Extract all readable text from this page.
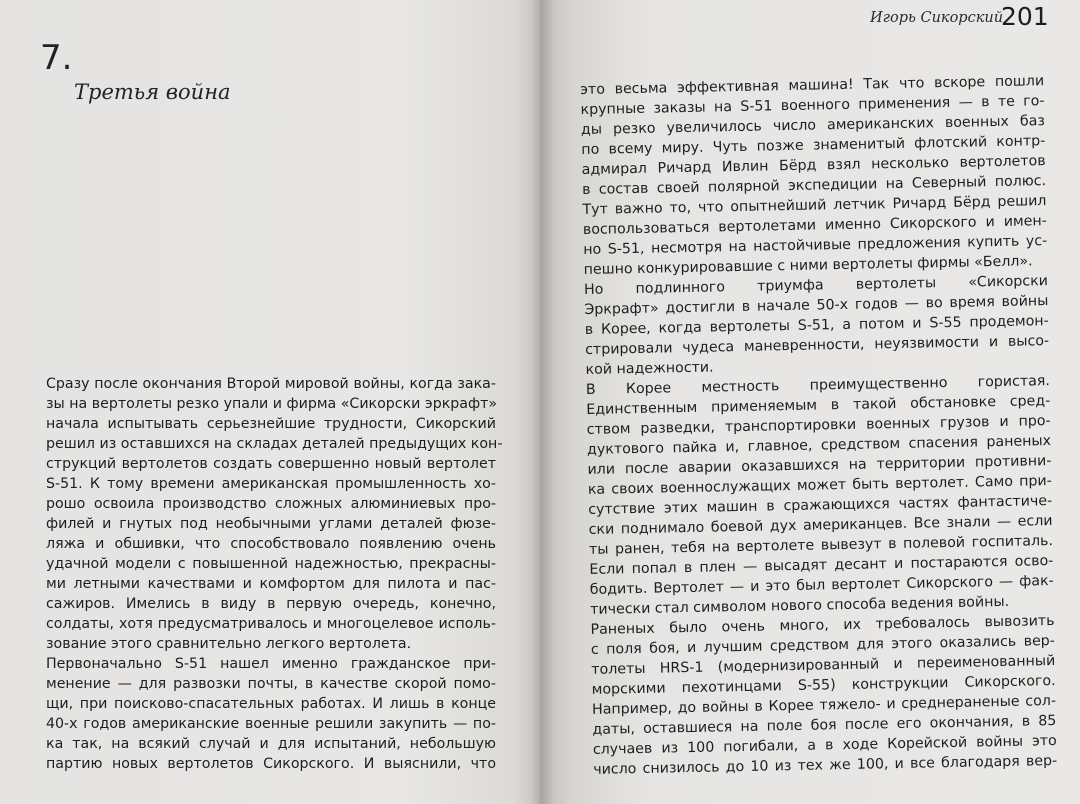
7.
Третья война
Сразу после окончания Второй мировой войны, когда зака-
зы на вертолеты резко упали и фирма «Сикорски эркрафт»
начала испытывать серьезнейшие трудности, Сикорский
решил из оставшихся на складах деталей предыдущих кон-
струкций вертолетов создать совершенно новый вертолет
S-51. К тому времени американская промышленность хо-
рошо освоила производство сложных алюминиевых про-
филей и гнутых под необычными углами деталей фюзе-
ляжа и обшивки, что способствовало появлению очень
удачной модели с повышенной надежностью, прекрасны-
ми летными качествами и комфортом для пилота и пас-
сажиров. Имелись в виду в первую очередь, конечно,
солдаты, хотя предусматривалось и многоцелевое исполь-
зование этого сравнительно легкого вертолета.
Первоначально S-51 нашел именно гражданское при-
менение — для развозки почты, в качестве скорой помо-
щи, при поисково-спасательных работах. И лишь в конце
40-х годов американские военные решили закупить — по-
ка так, на всякий случай и для испытаний, небольшую
партию новых вертолетов Сикорского. И выяснили, что
Игорь Сикорский
201
это весьма эффективная машина! Так что вскоре пошли
крупные заказы на S-51 военного применения — в те го-
ды резко увеличилось число американских военных баз
по всему миру. Чуть позже знаменитый флотский контр-
адмирал Ричард Ивлин Бёрд взял несколько вертолетов
в состав своей полярной экспедиции на Северный полюс.
Тут важно то, что опытнейший летчик Ричард Бёрд решил
воспользоваться вертолетами именно Сикорского и имен-
но S-51, несмотря на настойчивые предложения купить ус-
пешно конкурировавшие с ними вертолеты фирмы «Белл».
Но подлинного триумфа вертолеты «Сикорски
Эркрафт» достигли в начале 50-х годов — во время войны
в Корее, когда вертолеты S-51, а потом и S-55 продемон-
стрировали чудеса маневренности, неуязвимости и высо-
кой надежности.
В Корее местность преимущественно гористая.
Единственным применяемым в такой обстановке сред-
ством разведки, транспортировки военных грузов и про-
дуктового пайка и, главное, средством спасения раненых
или после аварии оказавшихся на территории противни-
ка своих военнослужащих может быть вертолет. Само при-
сутствие этих машин в сражающихся частях фантастиче-
ски поднимало боевой дух американцев. Все знали — если
ты ранен, тебя на вертолете вывезут в полевой госпиталь.
Если попал в плен — высадят десант и постараются осво-
бодить. Вертолет — и это был вертолет Сикорского — фак-
тически стал символом нового способа ведения войны.
Раненых было очень много, их требовалось вывозить
с поля боя, и лучшим средством для этого оказались вер-
толеты HRS-1 (модернизированный и переименованный
морскими пехотинцами S-55) конструкции Сикорского.
Например, до войны в Корее тяжело- и среднераненые сол-
даты, оставшиеся на поле боя после его окончания, в 85
случаев из 100 погибали, а в ходе Корейской войны это
число снизилось до 10 из тех же 100, и все благодаря вер-
